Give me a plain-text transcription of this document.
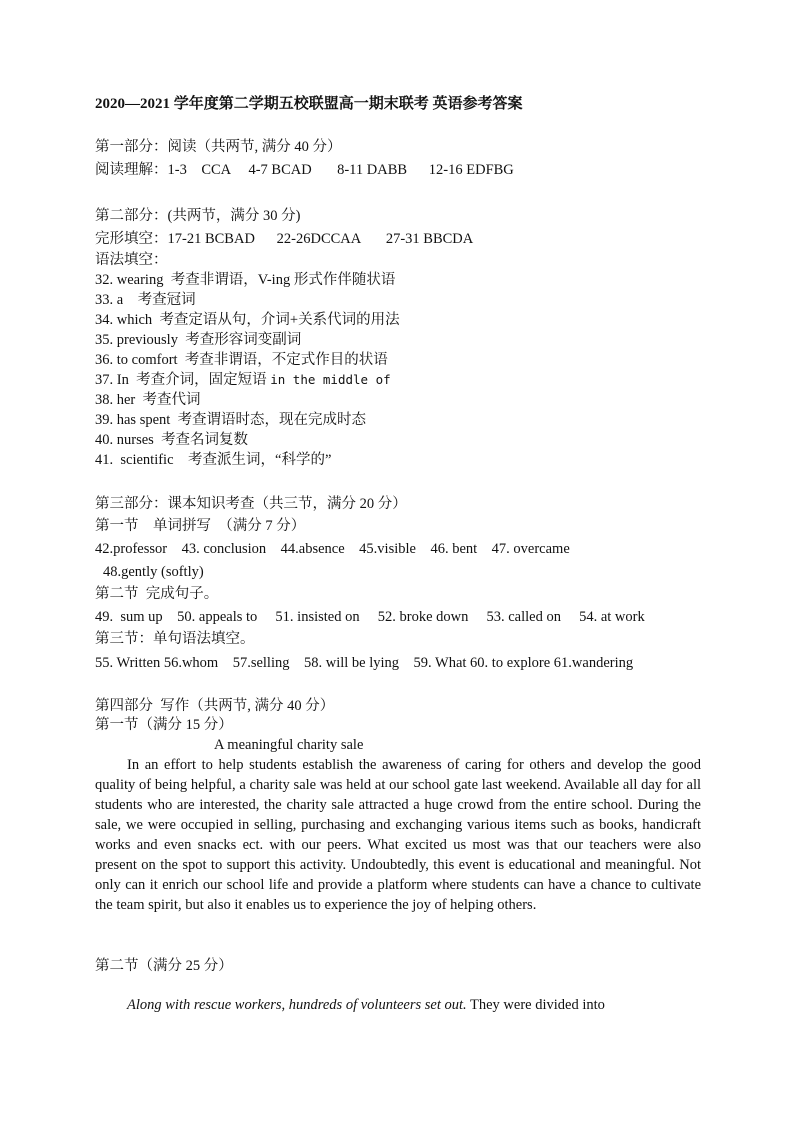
2020—2021 学年度第二学期五校联盟高一期末联考 英语参考答案
第一部分：阅读（共两节, 满分 40 分）
阅读理解：1-3    CCA     4-7 BCAD       8-11 DABB      12-16 EDFBG
第二部分：(共两节，满分 30 分)
完形填空：17-21 BCBAD      22-26DCCAA       27-31 BBCDA
语法填空：
32. wearing 考查非谓语，V-ing 形式作伴随状语
33. a 考查冠词
34. which 考查定语从句，介词+关系代词的用法
35. previously 考查形容词变副词
36. to comfort 考查非谓语，不定式作目的状语
37. In 考查介词，固定短语 in the middle of
38. her 考查代词
39. has spent 考查谓语时态，现在完成时态
40. nurses 考查名词复数
41. scientific 考查派生词，“科学的”
第三部分：课本知识考查（共三节，满分 20 分）
第一节    单词拼写  （满分 7 分）
42.professor    43. conclusion    44.absence    45.visible    46. bent    47. overcame
48.gently (softly)
第二节  完成句子。
49.  sum up    50. appeals to     51. insisted on     52. broke down     53. called on     54. at work
第三节：单句语法填空。
55. Written 56.whom    57.selling    58. will be lying    59. What 60. to explore 61.wandering
第四部分  写作（共两节, 满分 40 分）
第一节（满分 15 分）
A meaningful charity sale

In an effort to help students establish the awareness of caring for others and develop the good quality of being helpful, a charity sale was held at our school gate last weekend. Available all day for all students who are interested, the charity sale attracted a huge crowd from the entire school. During the sale, we were occupied in selling, purchasing and exchanging various items such as books, handicraft works and even snacks ect. with our peers. What excited us most was that our teachers were also present on the spot to support this activity. Undoubtedly, this event is educational and meaningful. Not only can it enrich our school life and provide a platform where students can have a chance to cultivate the team spirit, but also it enables us to experience the joy of helping others.

第二节（满分 25 分）
Along with rescue workers, hundreds of volunteers set out. They were divided into
